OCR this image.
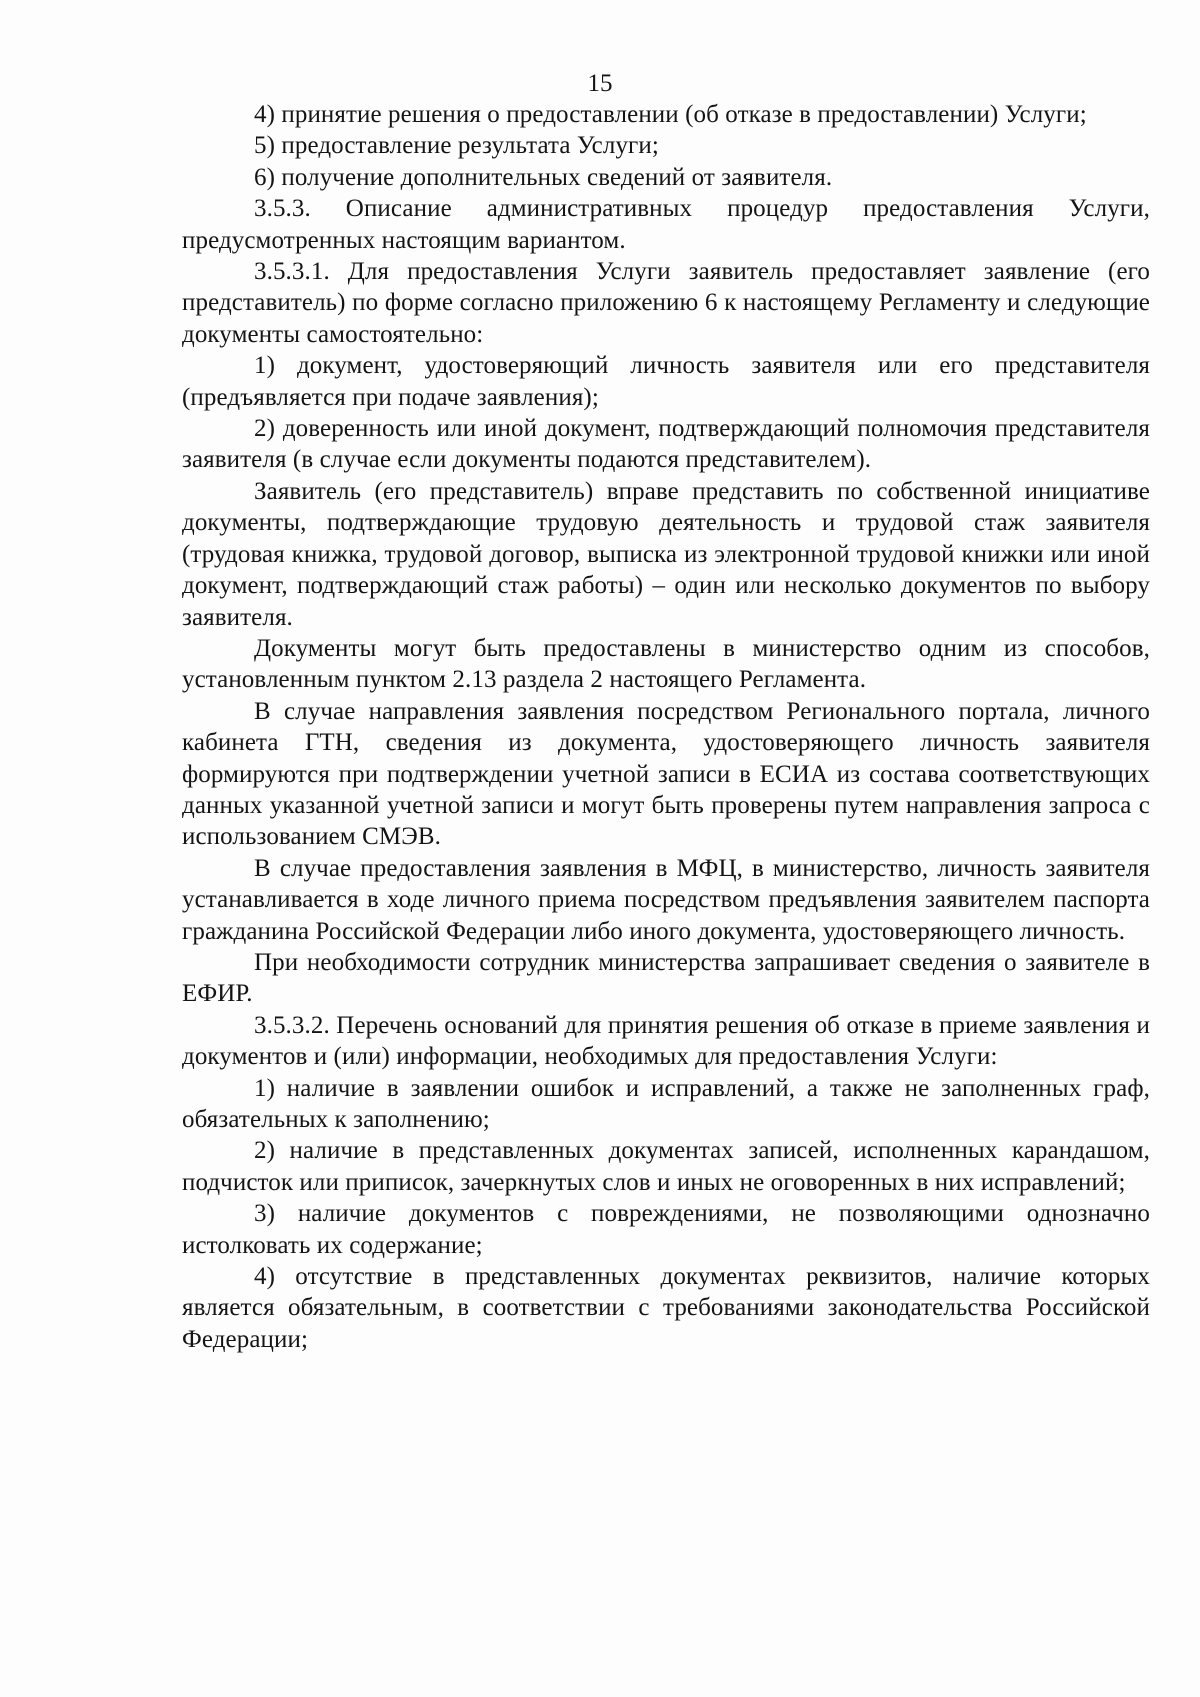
15

4) принятие решения о предоставлении (об отказе в предоставлении) Услуги;

5) предоставление результата Услуги;

6) получение дополнительных сведений от заявителя.

3.5.3. Описание административных процедур предоставления Услуги, предусмотренных настоящим вариантом.

3.5.3.1. Для предоставления Услуги заявитель предоставляет заявление (его представитель) по форме согласно приложению 6 к настоящему Регламенту и следующие документы самостоятельно:

1) документ, удостоверяющий личность заявителя или его представителя (предъявляется при подаче заявления);

2) доверенность или иной документ, подтверждающий полномочия представителя заявителя (в случае если документы подаются представителем).

Заявитель (его представитель) вправе представить по собственной инициативе документы, подтверждающие трудовую деятельность и трудовой стаж заявителя (трудовая книжка, трудовой договор, выписка из электронной трудовой книжки или иной документ, подтверждающий стаж работы) – один или несколько документов по выбору заявителя.

Документы могут быть предоставлены в министерство одним из способов, установленным пунктом 2.13 раздела 2 настоящего Регламента.

В случае направления заявления посредством Регионального портала, личного кабинета ГТН, сведения из документа, удостоверяющего личность заявителя формируются при подтверждении учетной записи в ЕСИА из состава соответствующих данных указанной учетной записи и могут быть проверены путем направления запроса с использованием СМЭВ.

В случае предоставления заявления в МФЦ, в министерство, личность заявителя устанавливается в ходе личного приема посредством предъявления заявителем паспорта гражданина Российской Федерации либо иного документа, удостоверяющего личность.

При необходимости сотрудник министерства запрашивает сведения о заявителе в ЕФИР.

3.5.3.2. Перечень оснований для принятия решения об отказе в приеме заявления и документов и (или) информации, необходимых для предоставления Услуги:

1) наличие в заявлении ошибок и исправлений, а также не заполненных граф, обязательных к заполнению;

2) наличие в представленных документах записей, исполненных карандашом, подчисток или приписок, зачеркнутых слов и иных не оговоренных в них исправлений;

3) наличие документов с повреждениями, не позволяющими однозначно истолковать их содержание;

4) отсутствие в представленных документах реквизитов, наличие которых является обязательным, в соответствии с требованиями законодательства Российской Федерации;
